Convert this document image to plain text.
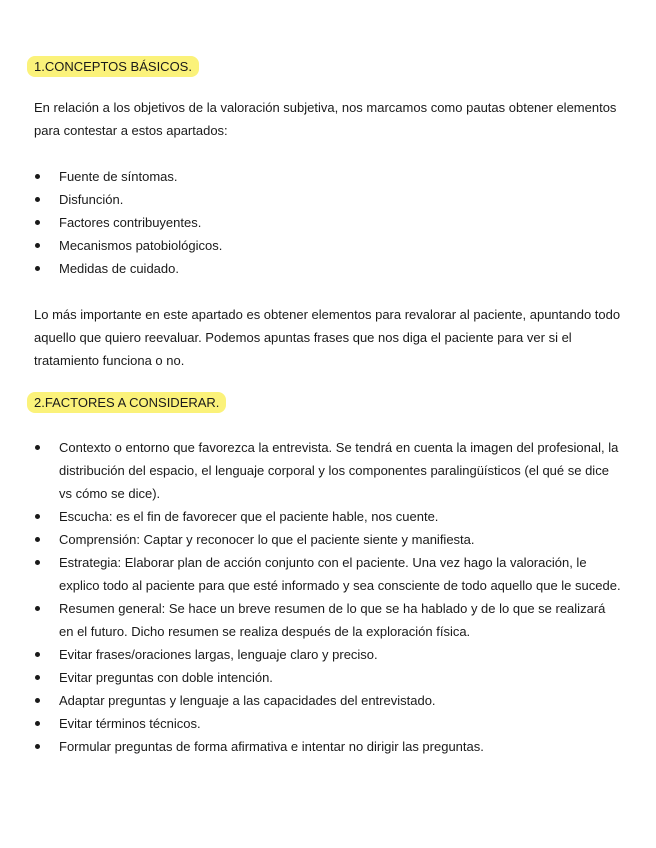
1.CONCEPTOS BÁSICOS.

En relación a los objetivos de la valoración subjetiva, nos marcamos como pautas obtener elementos para contestar a estos apartados:

Fuente de síntomas.
Disfunción.
Factores contribuyentes.
Mecanismos patobiológicos.
Medidas de cuidado.

Lo más importante en este apartado es obtener elementos para revalorar al paciente, apuntando todo aquello que quiero reevaluar. Podemos apuntas frases que nos diga el paciente para ver si el tratamiento funciona o no.

2.FACTORES A CONSIDERAR.
Contexto o entorno que favorezca la entrevista. Se tendrá en cuenta la imagen del profesional, la distribución del espacio, el lenguaje corporal y los componentes paralingüísticos (el qué se dice vs cómo se dice).
Escucha: es el fin de favorecer que el paciente hable, nos cuente.
Comprensión: Captar y reconocer lo que el paciente siente y manifiesta.
Estrategia: Elaborar plan de acción conjunto con el paciente. Una vez hago la valoración, le explico todo al paciente para que esté informado y sea consciente de todo aquello que le sucede.
Resumen general: Se hace un breve resumen de lo que se ha hablado y de lo que se realizará en el futuro. Dicho resumen se realiza después de la exploración física.
Evitar frases/oraciones largas, lenguaje claro y preciso.
Evitar preguntas con doble intención.
Adaptar preguntas y lenguaje a las capacidades del entrevistado.
Evitar términos técnicos.
Formular preguntas de forma afirmativa e intentar no dirigir las preguntas.
